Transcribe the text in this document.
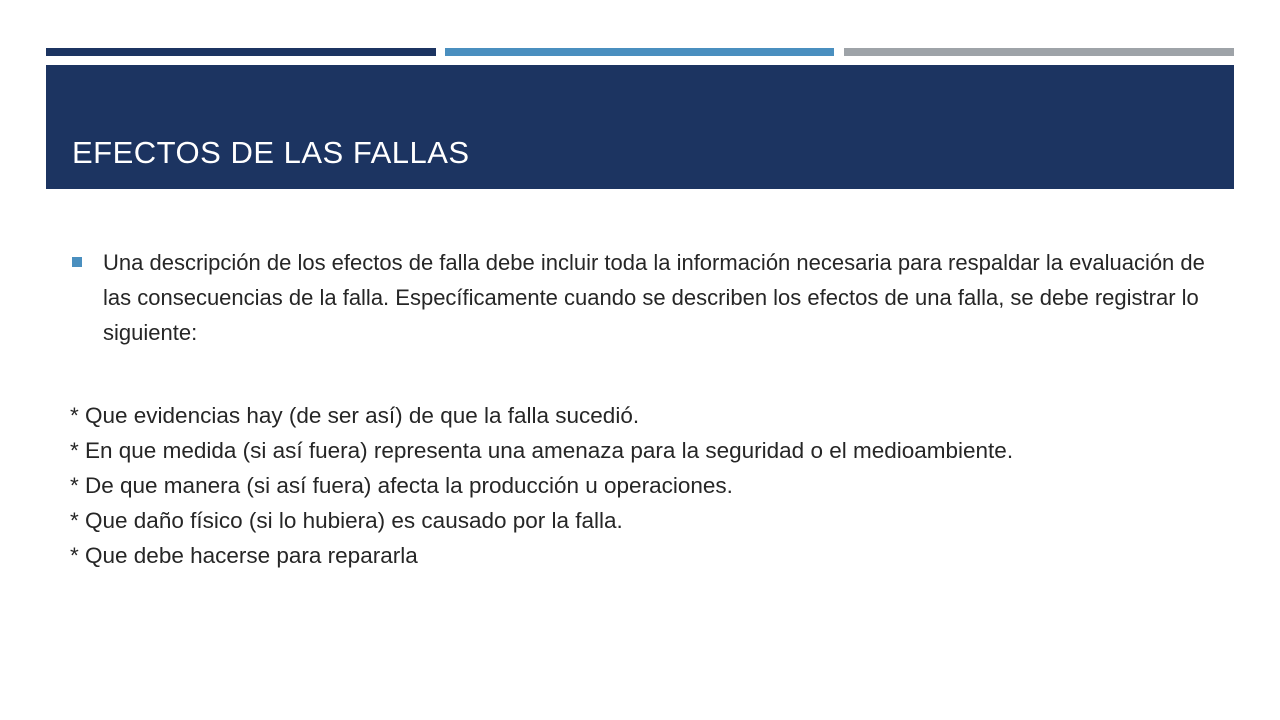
EFECTOS DE LAS FALLAS

Una descripción de los efectos de falla debe incluir toda la información necesaria para respaldar la evaluación de las consecuencias de la falla. Específicamente cuando se describen los efectos de una falla, se debe registrar lo siguiente:

* Que evidencias hay (de ser así) de que la falla sucedió.
* En que medida (si así fuera) representa una amenaza para la seguridad o el medioambiente.
* De que manera (si así fuera) afecta la producción u operaciones.
* Que daño físico (si lo hubiera) es causado por la falla.
* Que debe hacerse para repararla
